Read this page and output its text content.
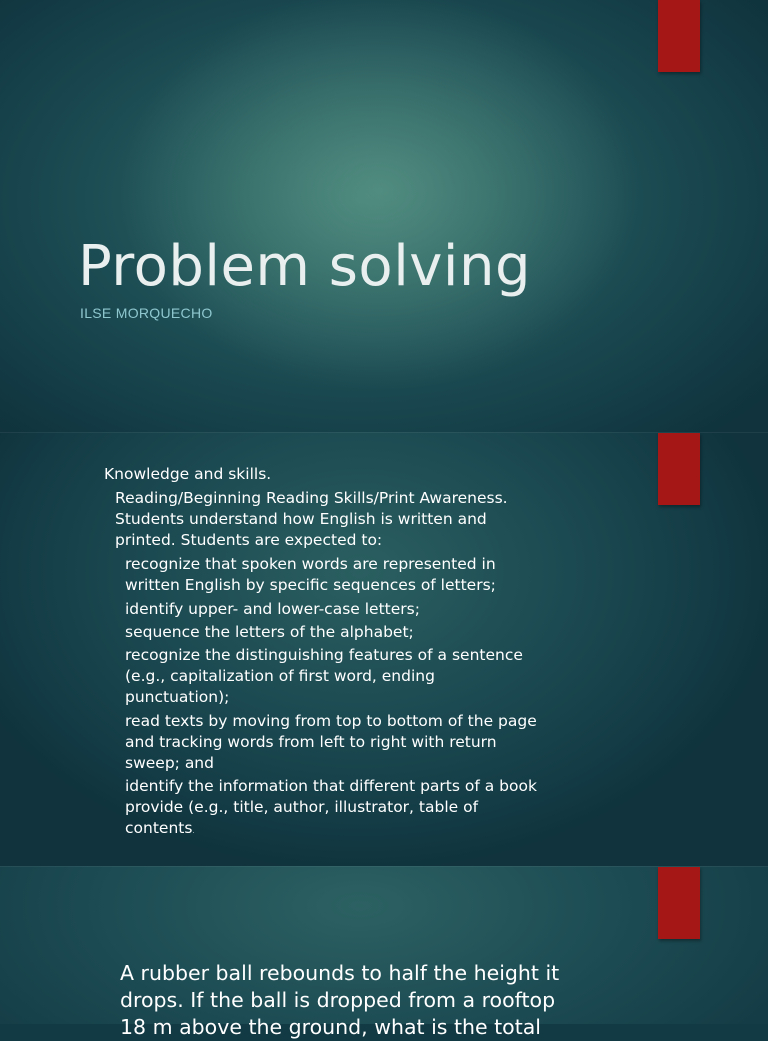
Problem solving
ILSE MORQUECHO
Knowledge and skills.
Reading/Beginning Reading Skills/Print Awareness.
Students understand how English is written and
printed. Students are expected to:
recognize that spoken words are represented in
written English by specific sequences of letters;
identify upper- and lower-case letters;
sequence the letters of the alphabet;
recognize the distinguishing features of a sentence
(e.g., capitalization of first word, ending
punctuation);
read texts by moving from top to bottom of the page
and tracking words from left to right with return
sweep; and
identify the information that different parts of a book
provide (e.g., title, author, illustrator, table of
contents.
A rubber ball rebounds to half the height it
drops. If the ball is dropped from a rooftop
18 m above the ground, what is the total
